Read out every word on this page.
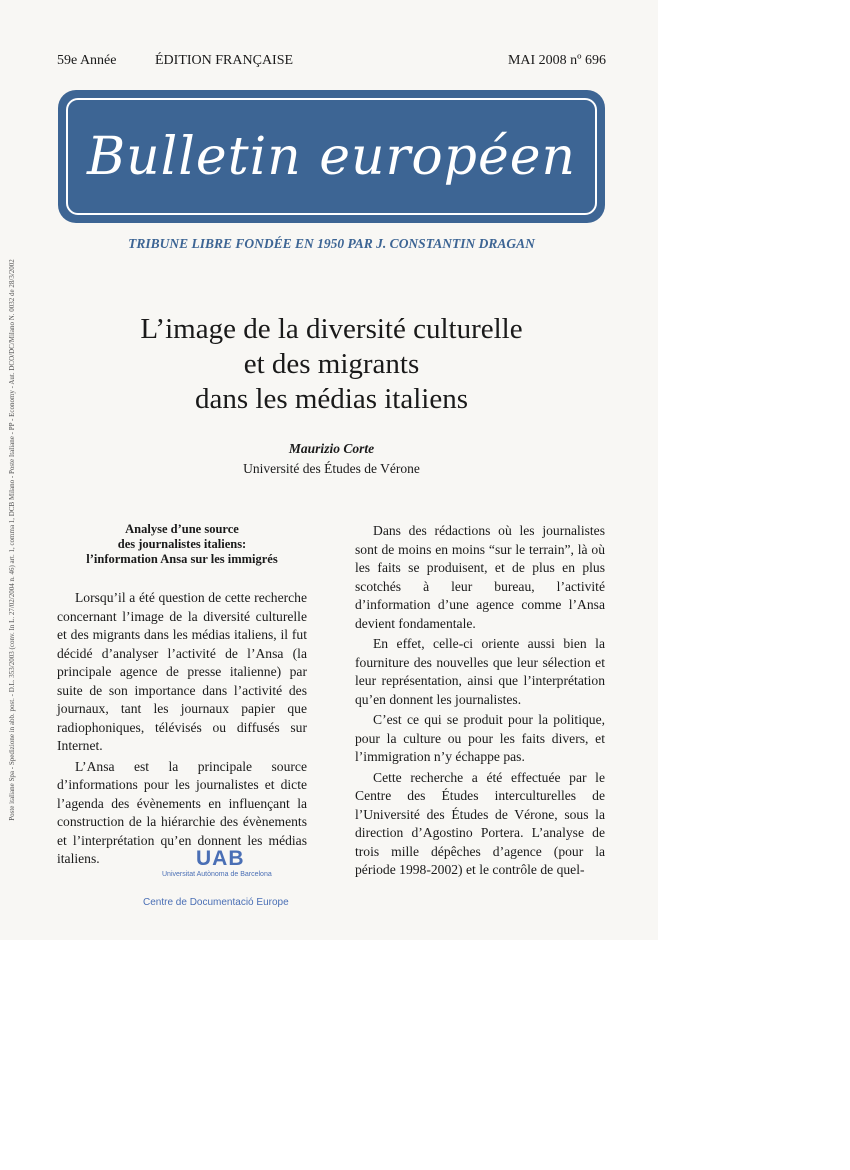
59e Année	ÉDITION FRANÇAISE	MAI 2008 nº 696
Bulletin européen
TRIBUNE LIBRE FONDÉE EN 1950 PAR J. CONSTANTIN DRAGAN
Poste italiane Spa - Spedizione in abb. post. - D.L. 353/2003 (conv. In L. 27/02/2004 n. 46) art. 1, comma 1, DCB Milano - Poste Italiane - PP - Economy - Aut. DCO/DC/Milano N. 0032 de 28/3/2002	L’image de la diversité culturelle
et des migrants
dans les médias italiens
Maurizio Corte
Université des Études de Vérone
Analyse d’une source
des journalistes italiens:
l’information Ansa sur les immigrés

Lorsqu’il a été question de cette recherche concernant l’image de la diversité culturelle et des migrants dans les médias italiens, il fut décidé d’analyser l’activité de l’Ansa (la principale agence de presse italienne) par suite de son importance dans l’activité des journaux, tant les journaux papier que radiophoniques, télévisés ou diffusés sur Internet.

L’Ansa est la principale source d’informations pour les journalistes et dicte l’agenda des évènements en influençant la construction de la hiérarchie des évènements et l’interprétation qu’en donnent les médias italiens.

Dans des rédactions où les journalistes sont de moins en moins “sur le terrain”, là où les faits se produisent, et de plus en plus scotchés à leur bureau, l’activité d’information d’une agence comme l’Ansa devient fondamentale.

En effet, celle-ci oriente aussi bien la fourniture des nouvelles que leur sélection et leur représentation, ainsi que l’interprétation qu’en donnent les journalistes.

C’est ce qui se produit pour la politique, pour la culture ou pour les faits divers, et l’immigration n’y échappe pas.

Cette recherche a été effectuée par le Centre des Études interculturelles de l’Université des Études de Vérone, sous la direction d’Agostino Portera. L’analyse de trois mille dépêches d’agence (pour la période 1998-2002) et le contrôle de quel-

UAB
Universitat Autònoma de Barcelona
Centre de Documentació Europe
